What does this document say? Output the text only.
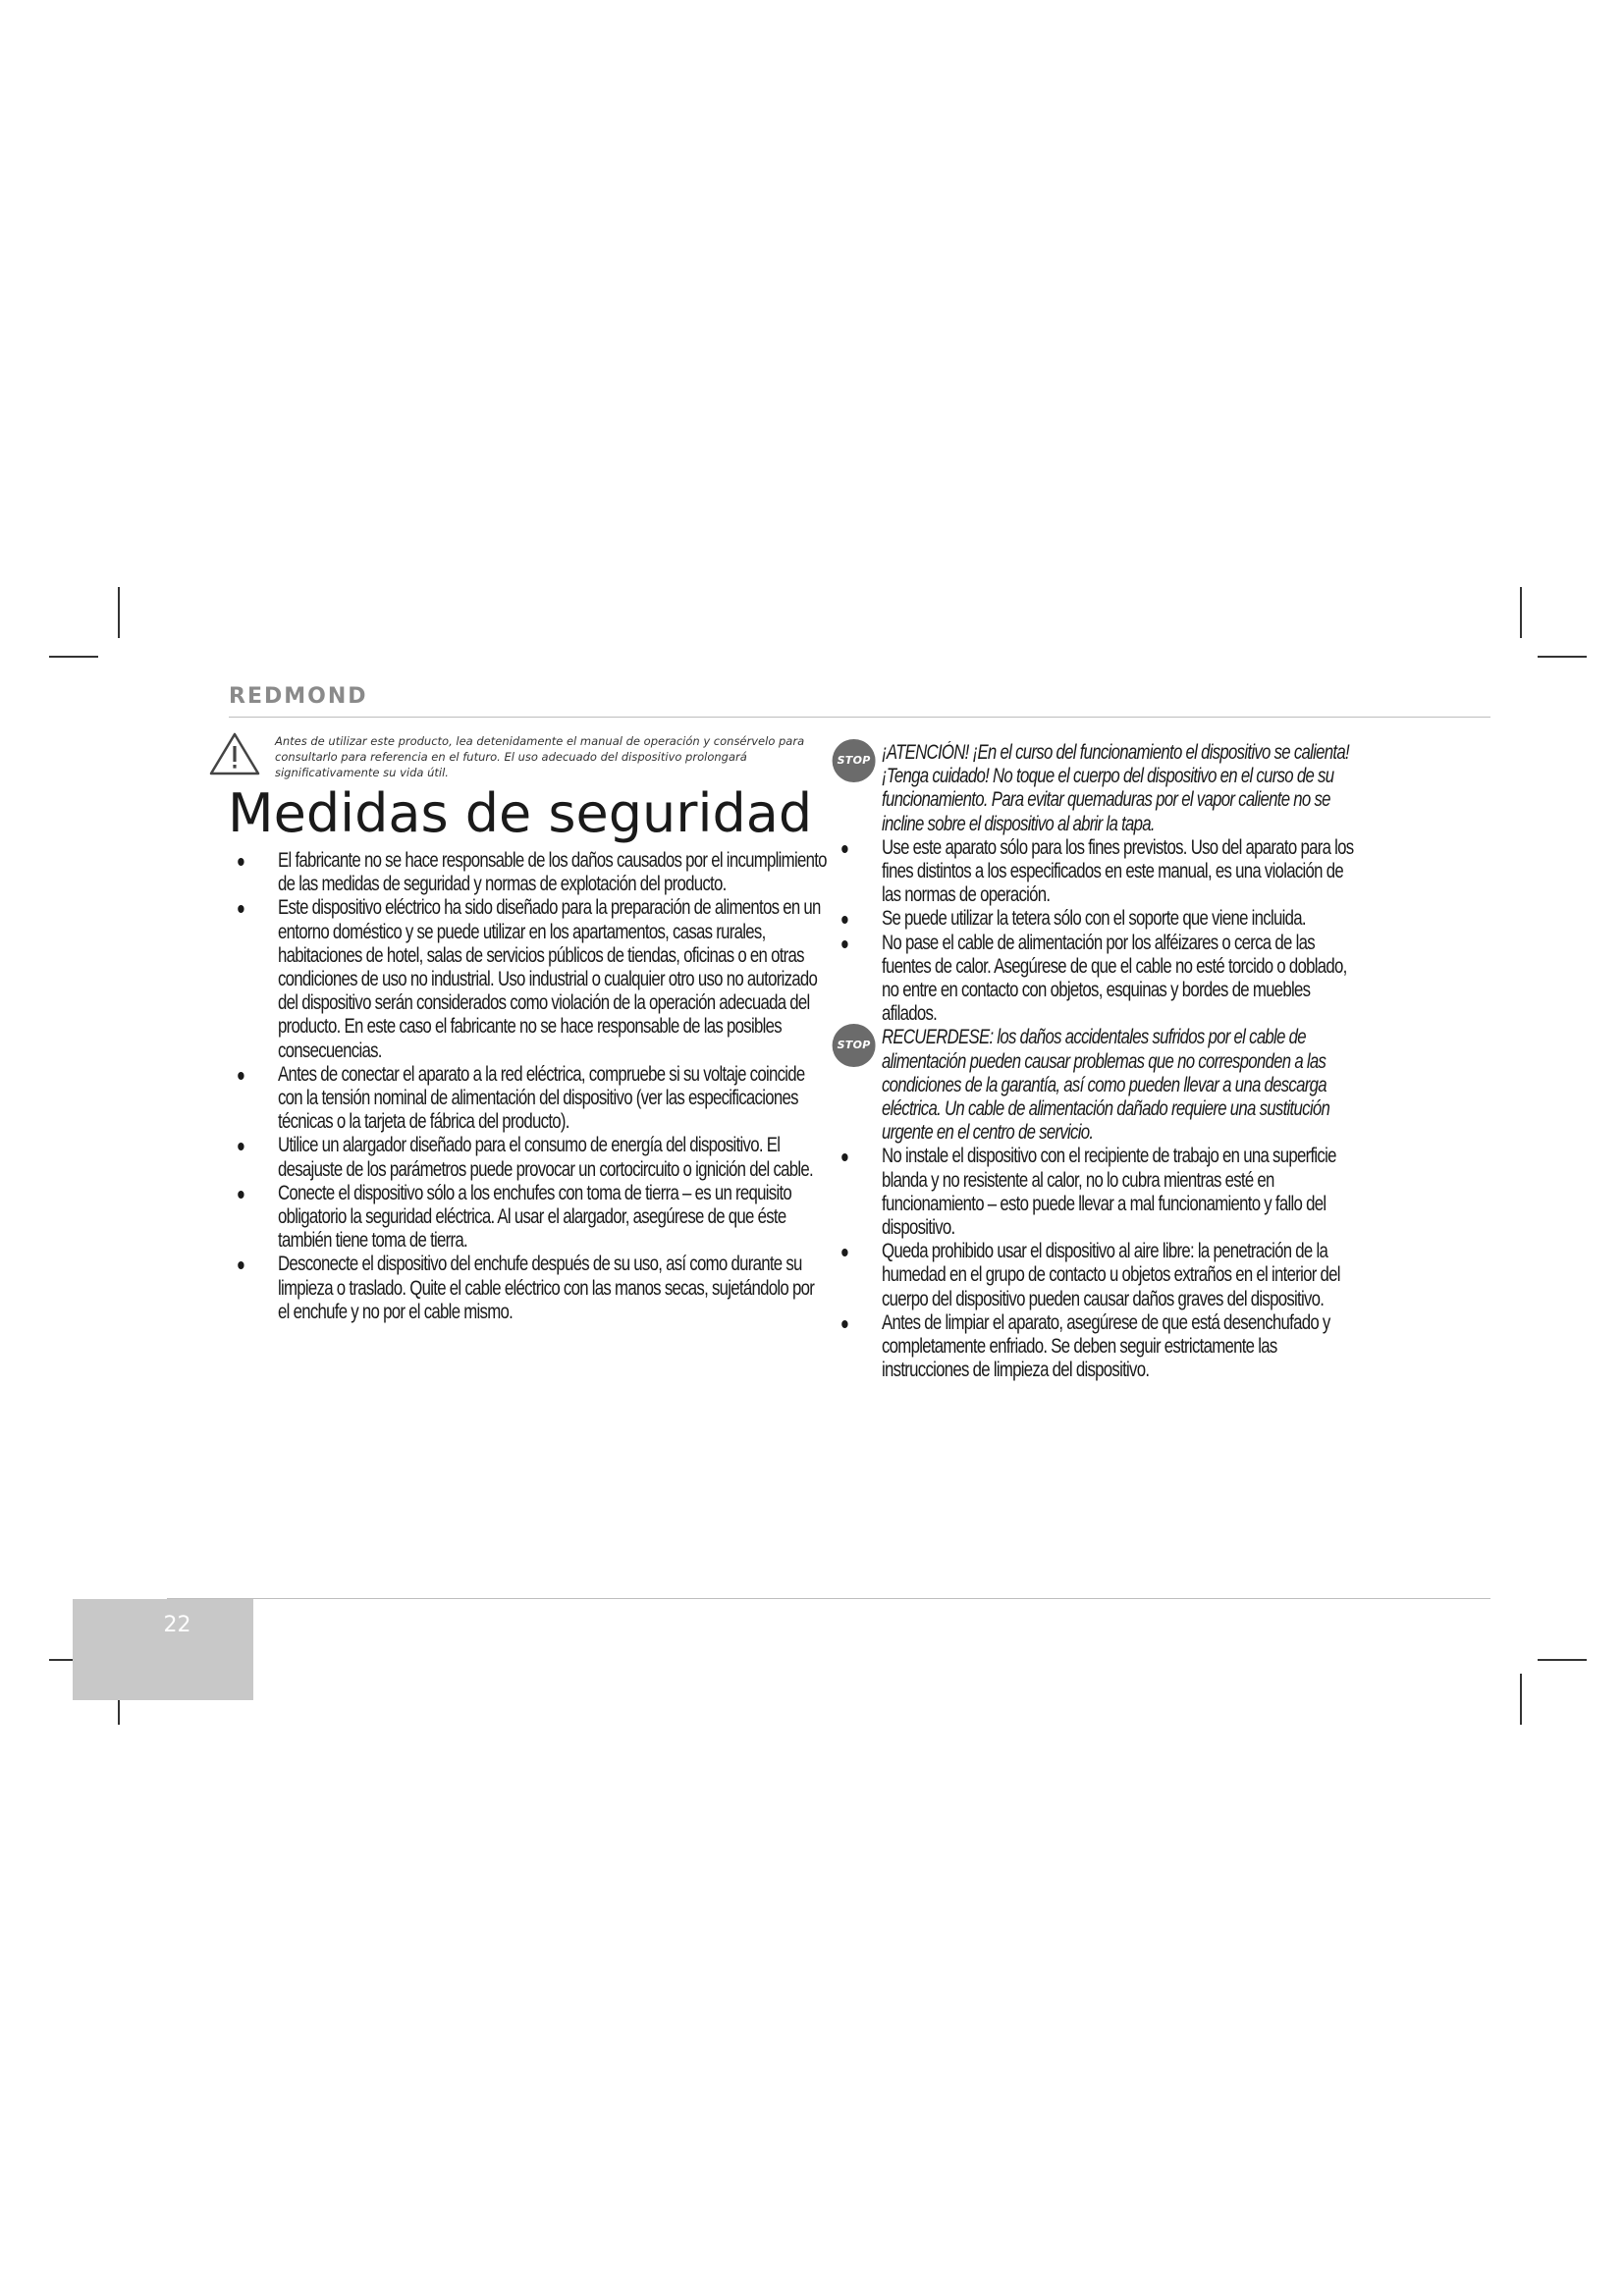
REDMOND
Antes de utilizar este producto, lea detenidamente el manual de operación y consérvelo para consultarlo para referencia en el futuro. El uso adecuado del dispositivo prolongará significativamente su vida útil.
Medidas de seguridad
El fabricante no se hace responsable de los daños causados por el incumplimiento de las medidas de seguridad y normas de explotación del producto.
Este dispositivo eléctrico ha sido diseñado para la preparación de alimentos en un entorno doméstico y se puede utilizar en los apartamentos, casas rurales, habitaciones de hotel, salas de servicios públicos de tiendas, oficinas o en otras condiciones de uso no industrial. Uso industrial o cualquier otro uso no autorizado del dispositivo serán considerados como violación de la operación adecuada del producto. En este caso el fabricante no se hace responsable de las posibles consecuencias.
Antes de conectar el aparato a la red eléctrica, compruebe si su voltaje coincide con la tensión nominal de alimentación del dispositivo (ver las especificaciones técnicas o la tarjeta de fábrica del producto).
Utilice un alargador diseñado para el consumo de energía del dispositivo. El desajuste de los parámetros puede provocar un cortocircuito o ignición del cable.
Conecte el dispositivo sólo a los enchufes con toma de tierra – es un requisito obligatorio la seguridad eléctrica. Al usar el alargador, asegúrese de que éste también tiene toma de tierra.
Desconecte el dispositivo del enchufe después de su uso, así como durante su limpieza o traslado. Quite el cable eléctrico con las manos secas, sujetándolo por el enchufe y no por el cable mismo.
STOP ¡ATENCIÓN! ¡En el curso del funcionamiento el dispositivo se calienta! ¡Tenga cuidado! No toque el cuerpo del dispositivo en el curso de su funcionamiento. Para evitar quemaduras por el vapor caliente no se incline sobre el dispositivo al abrir la tapa.
Use este aparato sólo para los fines previstos. Uso del aparato para los fines distintos a los especificados en este manual, es una violación de las normas de operación.
Se puede utilizar la tetera sólo con el soporte que viene incluida.
No pase el cable de alimentación por los alféizares o cerca de las fuentes de calor. Asegúrese de que el cable no esté torcido o doblado, no entre en contacto con objetos, esquinas y bordes de muebles afilados.
STOP RECUERDESE: los daños accidentales sufridos por el cable de alimentación pueden causar problemas que no corresponden a las condiciones de la garantía, así como pueden llevar a una descarga eléctrica. Un cable de alimentación dañado requiere una sustitución urgente en el centro de servicio.
No instale el dispositivo con el recipiente de trabajo en una superficie blanda y no resistente al calor, no lo cubra mientras esté en funcionamiento – esto puede llevar a mal funcionamiento y fallo del dispositivo.
Queda prohibido usar el dispositivo al aire libre: la penetración de la humedad en el grupo de contacto u objetos extraños en el interior del cuerpo del dispositivo pueden causar daños graves del dispositivo.
Antes de limpiar el aparato, asegúrese de que está desenchufado y completamente enfriado. Se deben seguir estrictamente las instrucciones de limpieza del dispositivo.
22
